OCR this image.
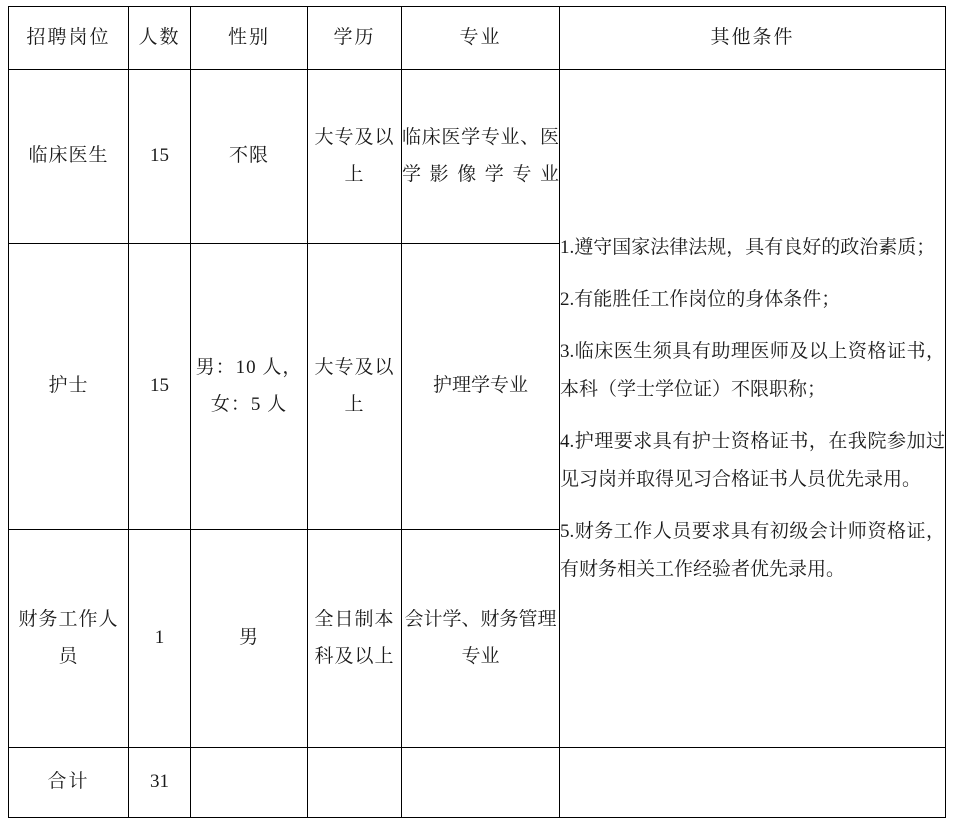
招聘岗位	人数	性别	学历	专业	其他条件
临床医生	15	不限	大专及以上	临床医学专业、医学影像学专业	1.遵守国家法律法规，具有良好的政治素质；

2.有能胜任工作岗位的身体条件；

3.临床医生须具有助理医师及以上资格证书，本科（学士学位证）不限职称；

4.护理要求具有护士资格证书，在我院参加过见习岗并取得见习合格证书人员优先录用。

5.财务工作人员要求具有初级会计师资格证，有财务相关工作经验者优先录用。

护士	15	男：10 人，
女：5 人	大专及以上	护理学专业	
财务工作人员	1	男	全日制本科及以上	会计学、财务管理专业	
合计	31				
